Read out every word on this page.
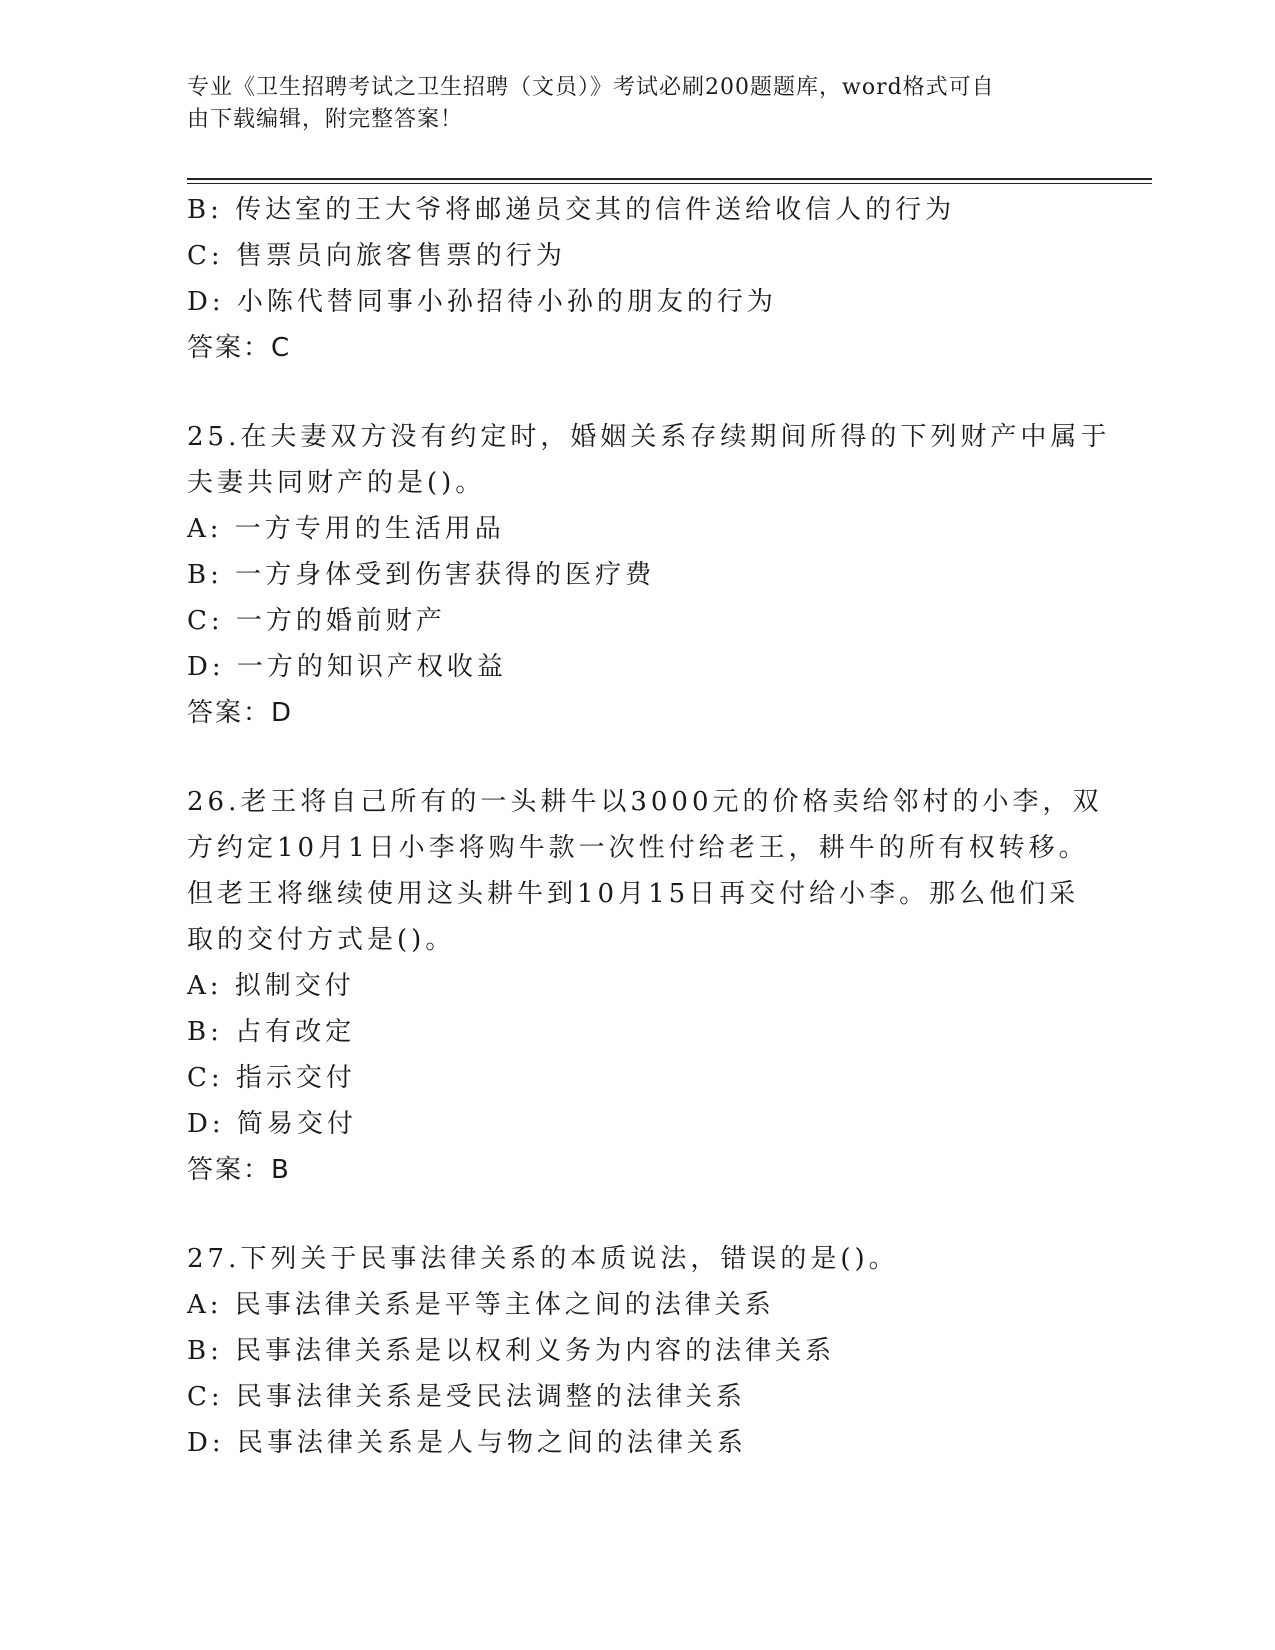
专业《卫生招聘考试之卫生招聘（文员）》考试必刷200题题库，word格式可自
由下载编辑，附完整答案！
B: 传达室的王大爷将邮递员交其的信件送给收信人的行为
C: 售票员向旅客售票的行为
D: 小陈代替同事小孙招待小孙的朋友的行为
答案：C
25.在夫妻双方没有约定时，婚姻关系存续期间所得的下列财产中属于
夫妻共同财产的是()。
A: 一方专用的生活用品
B: 一方身体受到伤害获得的医疗费
C: 一方的婚前财产
D: 一方的知识产权收益
答案：D
26.老王将自己所有的一头耕牛以3000元的价格卖给邻村的小李，双
方约定10月1日小李将购牛款一次性付给老王，耕牛的所有权转移。
但老王将继续使用这头耕牛到10月15日再交付给小李。那么他们采
取的交付方式是()。
A: 拟制交付
B: 占有改定
C: 指示交付
D: 简易交付
答案：B
27.下列关于民事法律关系的本质说法，错误的是()。
A: 民事法律关系是平等主体之间的法律关系
B: 民事法律关系是以权利义务为内容的法律关系
C: 民事法律关系是受民法调整的法律关系
D: 民事法律关系是人与物之间的法律关系
